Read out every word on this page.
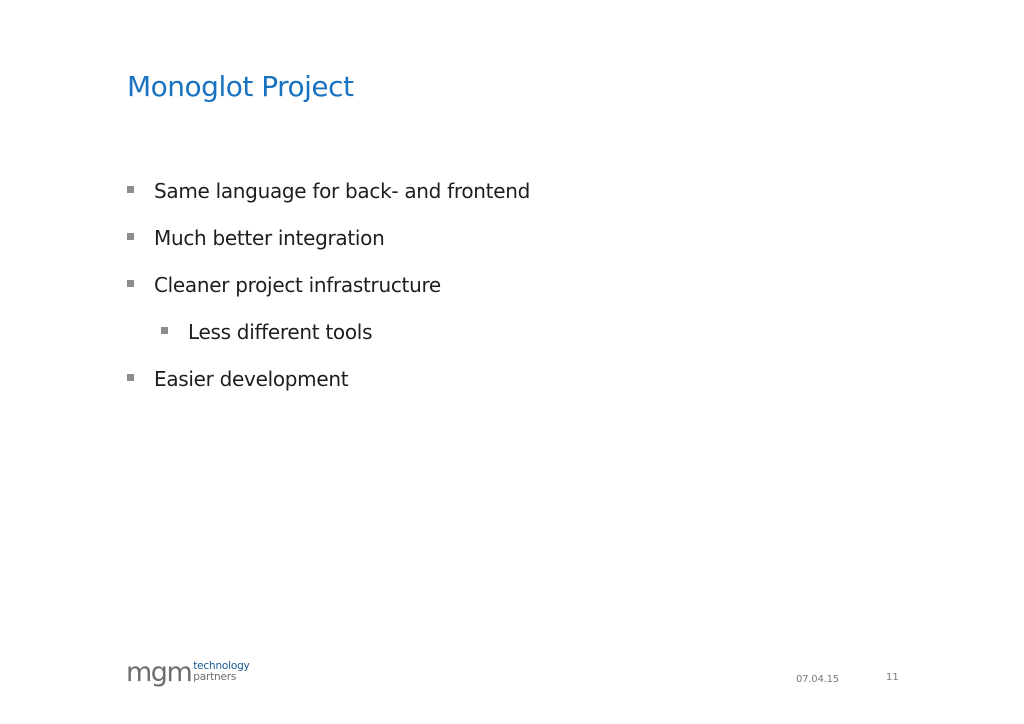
Monoglot Project
Same language for back- and frontend
Much better integration
Cleaner project infrastructure
Less different tools
Easier development
mgm technology
partners	07.04.15	11
